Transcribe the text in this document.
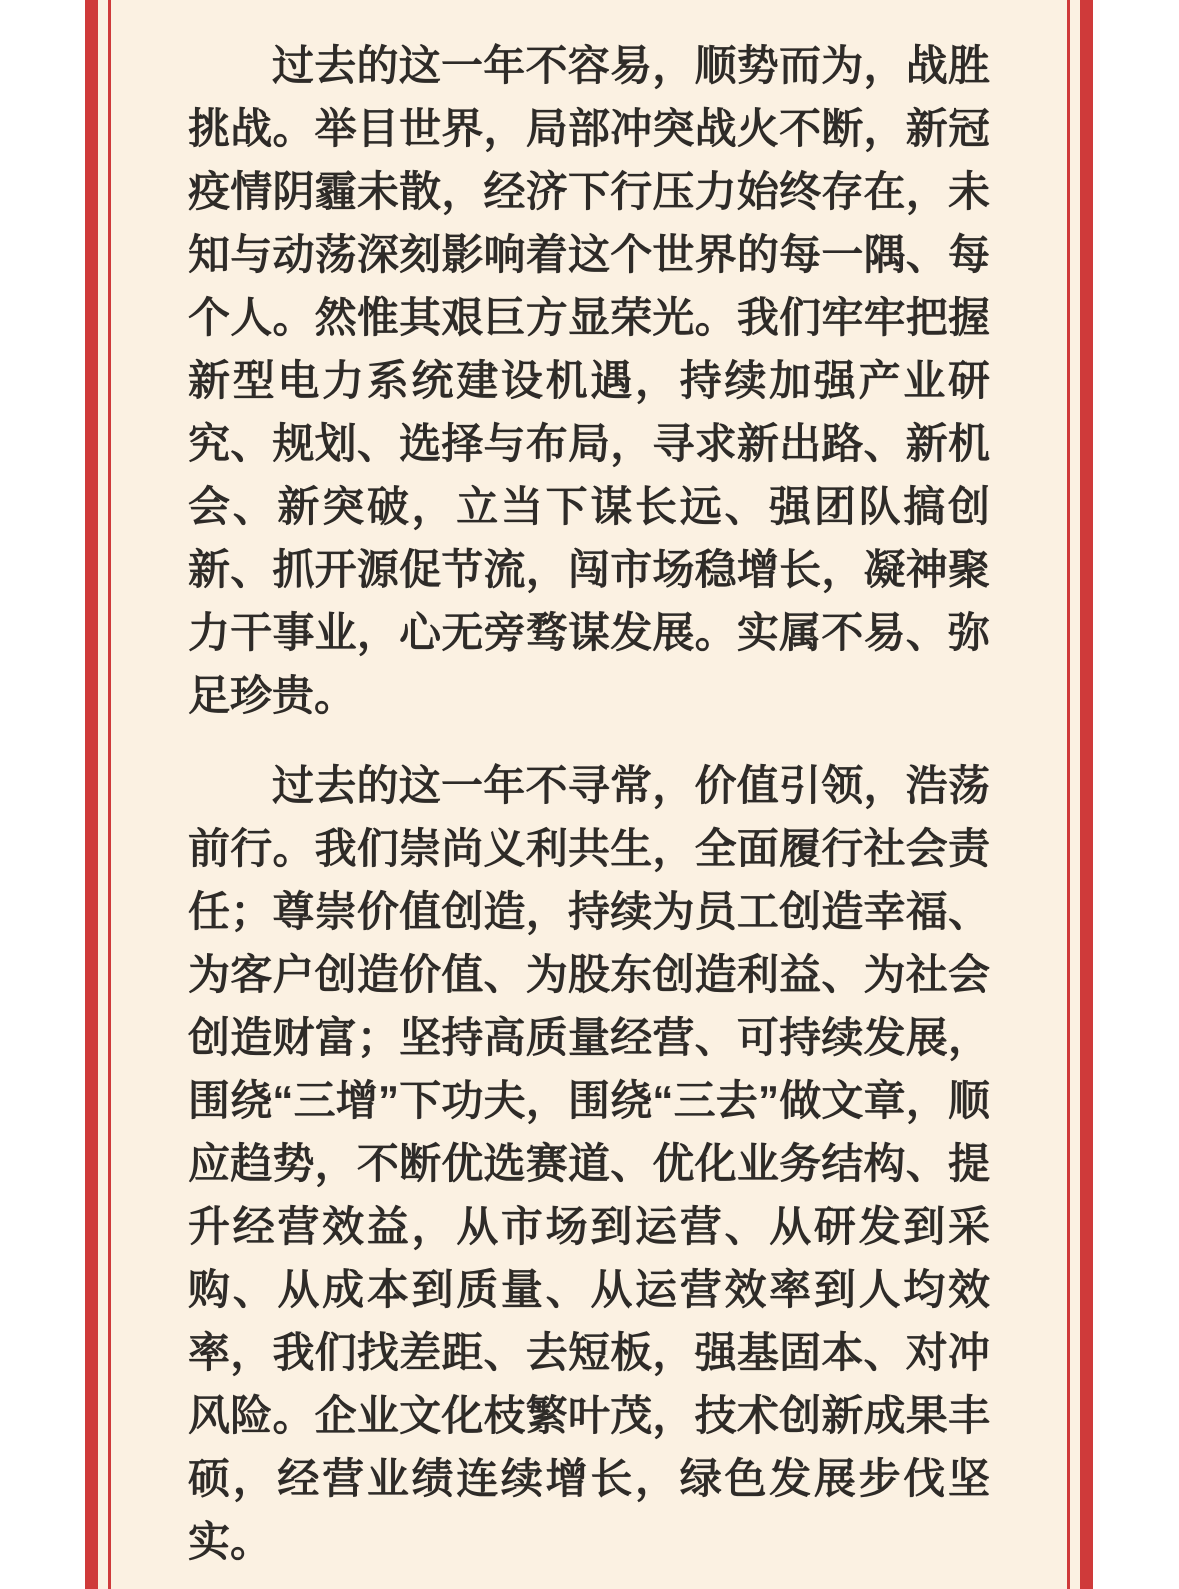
过去的这一年不容易，顺势而为，战胜挑战。举目世界，局部冲突战火不断，新冠疫情阴霾未散，经济下行压力始终存在，未知与动荡深刻影响着这个世界的每一隅、每个人。然惟其艰巨方显荣光。我们牢牢把握新型电力系统建设机遇，持续加强产业研究、规划、选择与布局，寻求新出路、新机会、新突破，立当下谋长远、强团队搞创新、抓开源促节流，闯市场稳增长，凝神聚力干事业，心无旁骛谋发展。实属不易、弥足珍贵。

过去的这一年不寻常，价值引领，浩荡前行。我们崇尚义利共生，全面履行社会责任；尊崇价值创造，持续为员工创造幸福、为客户创造价值、为股东创造利益、为社会创造财富；坚持高质量经营、可持续发展，围绕“三增”下功夫，围绕“三去”做文章，顺应趋势，不断优选赛道、优化业务结构、提升经营效益，从市场到运营、从研发到采购、从成本到质量、从运营效率到人均效率，我们找差距、去短板，强基固本、对冲风险。企业文化枝繁叶茂，技术创新成果丰硕，经营业绩连续增长，绿色发展步伐坚实。
